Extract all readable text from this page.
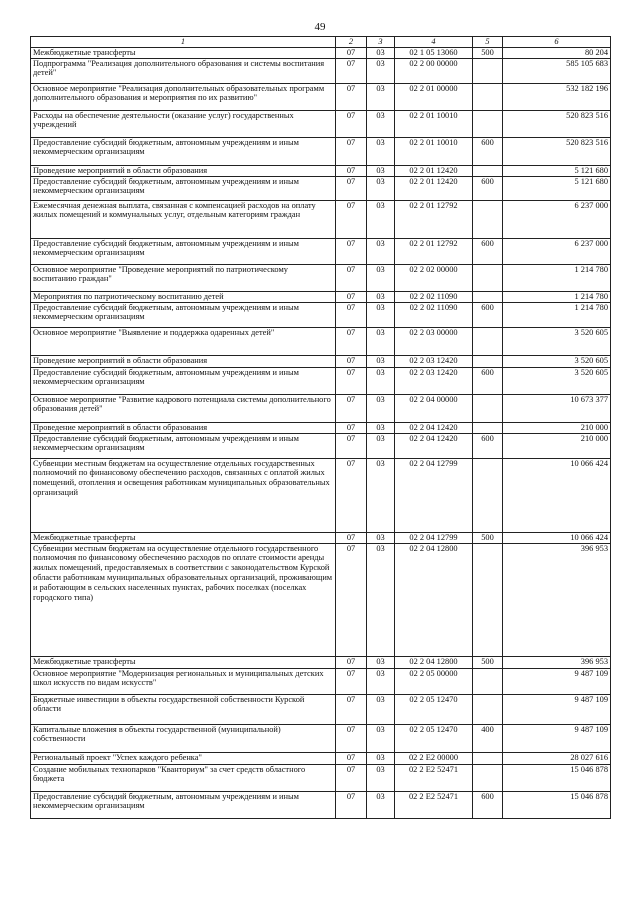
49
1	2	3	4	5	6
Межбюджетные трансферты	07	03	02 1 05 13060	500	80 204
Подпрограмма "Реализация дополнительного образования и системы воспитания детей"	07	03	02 2 00 00000		585 105 683
Основное мероприятие "Реализация дополнительных образовательных программ дополнительного образования и мероприятия по их развитию"	07	03	02 2 01 00000		532 182 196
Расходы на обеспечение деятельности (оказание услуг) государственных учреждений	07	03	02 2 01 10010		520 823 516
Предоставление субсидий бюджетным, автономным учреждениям и иным некоммерческим организациям	07	03	02 2 01 10010	600	520 823 516
Проведение мероприятий в области образования	07	03	02 2 01 12420		5 121 680
Предоставление субсидий бюджетным, автономным учреждениям и иным некоммерческим организациям	07	03	02 2 01 12420	600	5 121 680
Ежемесячная денежная выплата, связанная с компенсацией расходов на оплату жилых помещений и коммунальных услуг, отдельным категориям граждан	07	03	02 2 01 12792		6 237 000
Предоставление субсидий бюджетным, автономным учреждениям и иным некоммерческим организациям	07	03	02 2 01 12792	600	6 237 000
Основное мероприятие "Проведение мероприятий по патриотическому воспитанию граждан"	07	03	02 2 02 00000		1 214 780
Мероприятия по патриотическому воспитанию детей	07	03	02 2 02 11090		1 214 780
Предоставление субсидий бюджетным, автономным учреждениям и иным некоммерческим организациям	07	03	02 2 02 11090	600	1 214 780
Основное мероприятие "Выявление и поддержка одаренных детей"	07	03	02 2 03 00000		3 520 605
Проведение мероприятий в области образования	07	03	02 2 03 12420		3 520 605
Предоставление субсидий бюджетным, автономным учреждениям и иным некоммерческим организациям	07	03	02 2 03 12420	600	3 520 605
Основное мероприятие "Развитие кадрового потенциала системы дополнительного образования детей"	07	03	02 2 04 00000		10 673 377
Проведение мероприятий в области образования	07	03	02 2 04 12420		210 000
Предоставление субсидий бюджетным, автономным учреждениям и иным некоммерческим организациям	07	03	02 2 04 12420	600	210 000
Субвенции местным бюджетам на осуществление отдельных государственных полномочий по финансовому обеспечению расходов, связанных с оплатой жилых помещений, отопления и освещения работникам муниципальных образовательных организаций	07	03	02 2 04 12799		10 066 424
Межбюджетные трансферты	07	03	02 2 04 12799	500	10 066 424
Субвенции местным бюджетам на осуществление отдельного государственного полномочия по финансовому обеспечению расходов по оплате стоимости аренды жилых помещений, предоставляемых в соответствии с законодательством Курской области работникам муниципальных образовательных организаций, проживающим и работающим в сельских населенных пунктах, рабочих поселках (поселках городского типа)	07	03	02 2 04 12800		396 953
Межбюджетные трансферты	07	03	02 2 04 12800	500	396 953
Основное мероприятие "Модернизация региональных и муниципальных детских школ искусств по видам искусств"	07	03	02 2 05 00000		9 487 109
Бюджетные инвестиции в объекты государственной собственности Курской области	07	03	02 2 05 12470		9 487 109
Капитальные вложения в объекты государственной (муниципальной) собственности	07	03	02 2 05 12470	400	9 487 109
Региональный проект "Успех каждого ребенка"	07	03	02 2 E2 00000		28 027 616
Создание мобильных технопарков "Кванториум" за счет средств областного бюджета	07	03	02 2 E2 52471		15 046 878
Предоставление субсидий бюджетным, автономным учреждениям и иным некоммерческим организациям	07	03	02 2 E2 52471	600	15 046 878
